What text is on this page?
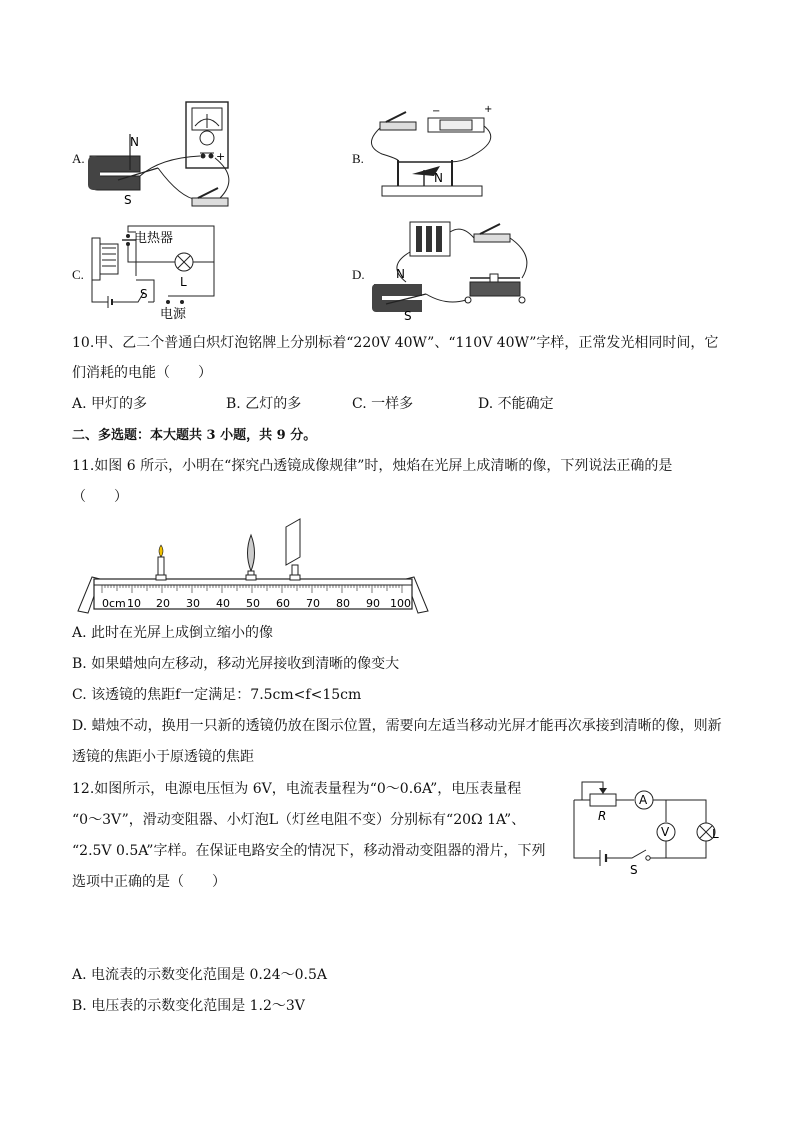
A.	+
N
S
B.
−	+
N
C.
S
电热器
L
电源
D.	N
S
10.甲、乙二个普通白炽灯泡铭牌上分别标着“220V 40W”、“110V 40W”字样，正常发光相同时间，它
们消耗的电能（　　）
A. 甲灯的多	B. 乙灯的多	C. 一样多	D. 不能确定
二、多选题：本大题共 3 小题，共 9 分。
11.如图 6 所示，小明在“探究凸透镜成像规律”时，烛焰在光屏上成清晰的像，下列说法正确的是
（　　）
0cm 10 20 30 40 50 60 70 80 90 100
A. 此时在光屏上成倒立缩小的像
B. 如果蜡烛向左移动，移动光屏接收到清晰的像变大
C. 该透镜的焦距f一定满足：7.5cm<f<15cm
D. 蜡烛不动，换用一只新的透镜仍放在图示位置，需要向左适当移动光屏才能再次承接到清晰的像，则新
透镜的焦距小于原透镜的焦距
12.如图所示，电源电压恒为 6V，电流表量程为“0～0.6A”，电压表量程
“0～3V”，滑动变阻器、小灯泡L（灯丝电阻不变）分别标有“20Ω 1A”、
“2.5V 0.5A”字样。在保证电路安全的情况下，移动滑动变阻器的滑片，下列
选项中正确的是（　　）
S
R
A
V	L
A. 电流表的示数变化范围是 0.24～0.5A
B. 电压表的示数变化范围是 1.2～3V
